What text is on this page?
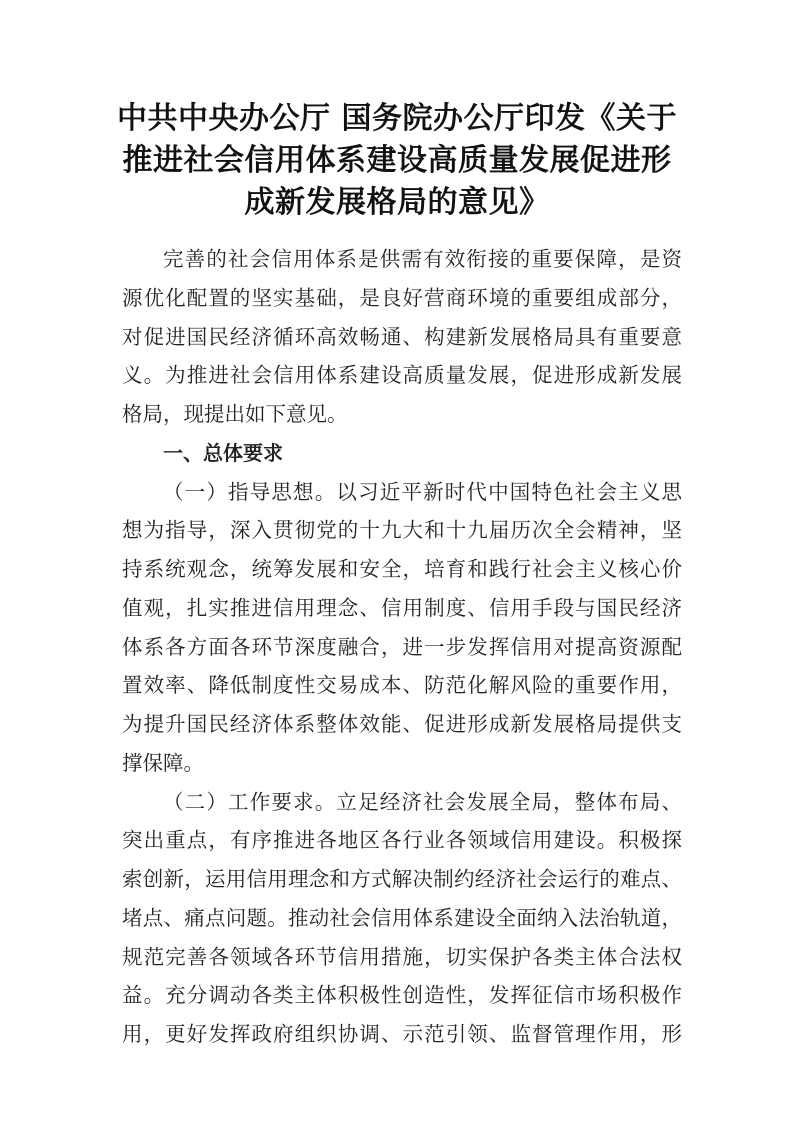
中共中央办公厅 国务院办公厅印发《关于
推进社会信用体系建设高质量发展促进形
成新发展格局的意见》
完善的社会信用体系是供需有效衔接的重要保障，是资
源优化配置的坚实基础，是良好营商环境的重要组成部分，
对促进国民经济循环高效畅通、构建新发展格局具有重要意
义。为推进社会信用体系建设高质量发展，促进形成新发展
格局，现提出如下意见。
一、总体要求
（一）指导思想。以习近平新时代中国特色社会主义思
想为指导，深入贯彻党的十九大和十九届历次全会精神，坚
持系统观念，统筹发展和安全，培育和践行社会主义核心价
值观，扎实推进信用理念、信用制度、信用手段与国民经济
体系各方面各环节深度融合，进一步发挥信用对提高资源配
置效率、降低制度性交易成本、防范化解风险的重要作用，
为提升国民经济体系整体效能、促进形成新发展格局提供支
撑保障。
（二）工作要求。立足经济社会发展全局，整体布局、
突出重点，有序推进各地区各行业各领域信用建设。积极探
索创新，运用信用理念和方式解决制约经济社会运行的难点、
堵点、痛点问题。推动社会信用体系建设全面纳入法治轨道，
规范完善各领域各环节信用措施，切实保护各类主体合法权
益。充分调动各类主体积极性创造性，发挥征信市场积极作
用，更好发挥政府组织协调、示范引领、监督管理作用，形
